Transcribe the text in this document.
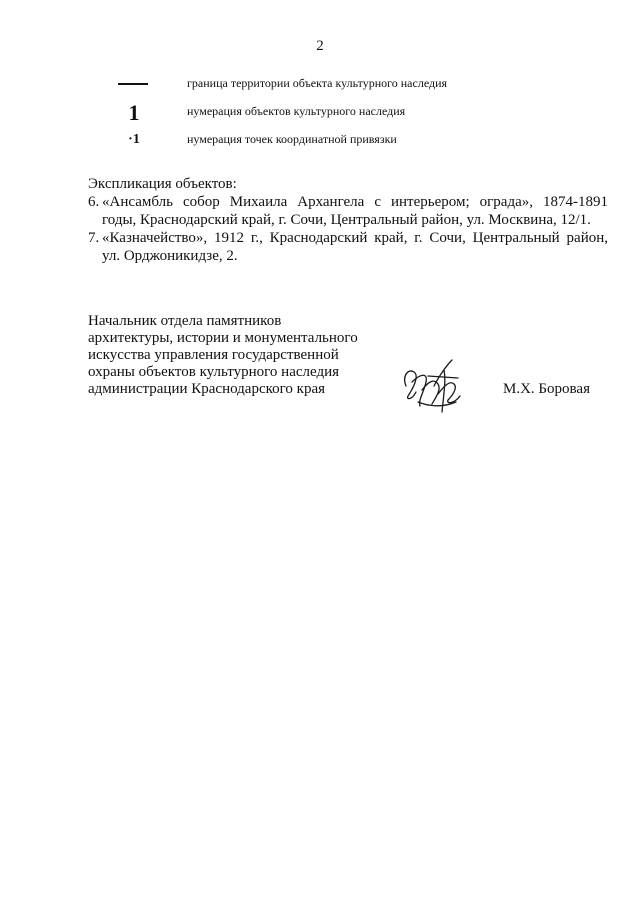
2
граница территории объекта культурного наследия
1	нумерация объектов культурного наследия
·1	нумерация точек координатной привязки
Экспликация объектов:
6. «Ансамбль собор Михаила Архангела с интерьером; ограда», 1874-1891
годы, Краснодарский край, г. Сочи, Центральный район, ул. Москвина, 12/1.
7. «Казначейство», 1912 г., Краснодарский край, г. Сочи, Центральный район,
ул. Орджоникидзе, 2.
Начальник отдела памятников
архитектуры, истории и монументального
искусства управления государственной
охраны объектов культурного наследия
администрации Краснодарского края	М.Х. Боровая
